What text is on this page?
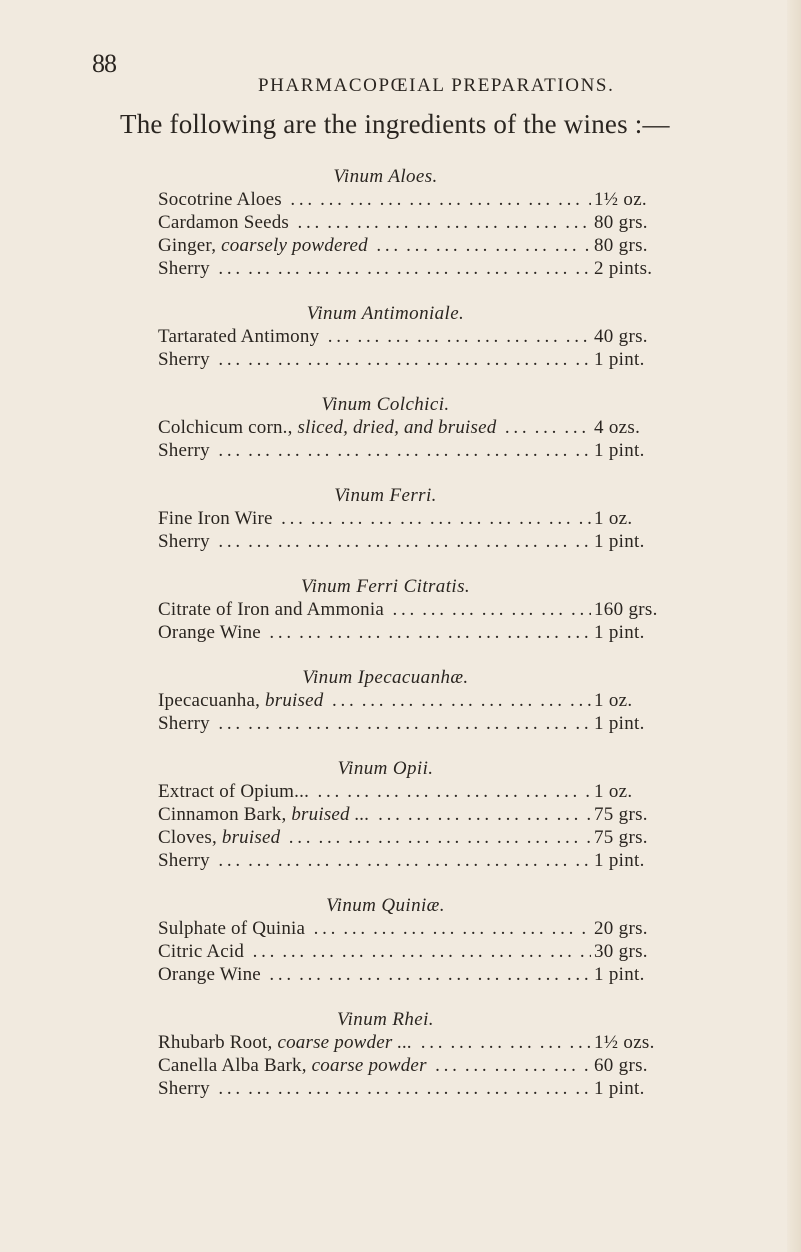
88
PHARMACOPŒIAL PREPARATIONS.
The following are the ingredients of the wines :—
Vinum Aloes.
Socotrine Aloes . . .	1½ oz.
Cardamon Seeds . . .	80 grs.
Ginger, coarsely powdered . . .	80 grs.
Sherry . . .	2 pints.
Vinum Antimoniale.
Tartarated Antimony . . .	40 grs.
Sherry . . .	1 pint.
Vinum Colchici.
Colchicum corn., sliced, dried, and bruised . . .	4 ozs.
Sherry . . .	1 pint.
Vinum Ferri.
Fine Iron Wire . . .	1 oz.
Sherry . . .	1 pint.
Vinum Ferri Citratis.
Citrate of Iron and Ammonia . . .	160 grs.
Orange Wine . . .	1 pint.
Vinum Ipecacuanhæ.
Ipecacuanha, bruised . . .	1 oz.
Sherry . . .	1 pint.
Vinum Opii.
Extract of Opium... . . .	1 oz.
Cinnamon Bark, bruised ... . . .	75 grs.
Cloves, bruised . . .	75 grs.
Sherry . . .	1 pint.
Vinum Quiniæ.
Sulphate of Quinia . . .	20 grs.
Citric Acid . . .	30 grs.
Orange Wine . . .	1 pint.
Vinum Rhei.
Rhubarb Root, coarse powder ... . . .	1½ ozs.
Canella Alba Bark, coarse powder . . .	60 grs.
Sherry . . .	1 pint.
